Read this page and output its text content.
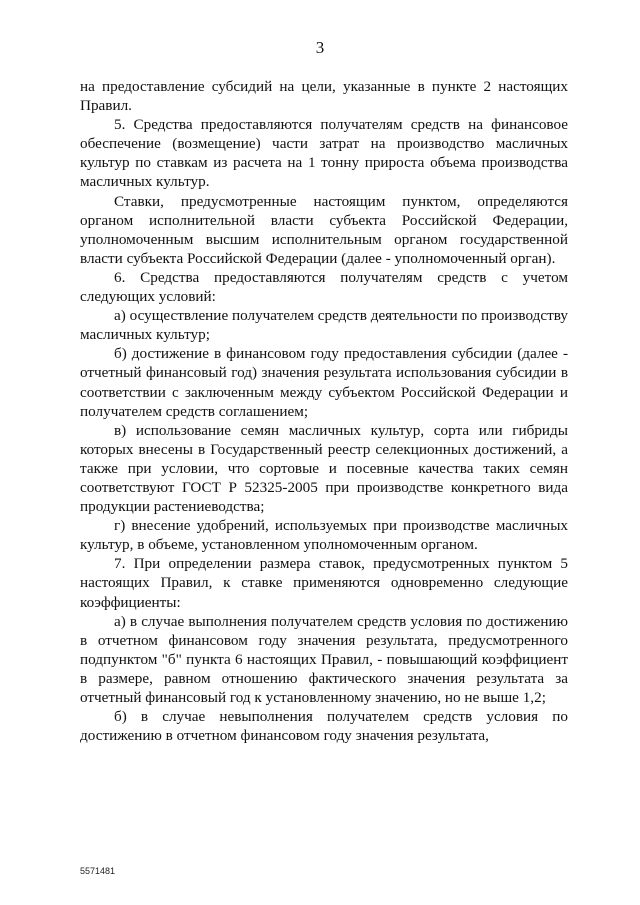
3

на предоставление субсидий на цели, указанные в пункте 2 настоящих Правил.

5. Средства предоставляются получателям средств на финансовое обеспечение (возмещение) части затрат на производство масличных культур по ставкам из расчета на 1 тонну прироста объема производства масличных культур.

Ставки, предусмотренные настоящим пунктом, определяются органом исполнительной власти субъекта Российской Федерации, уполномоченным высшим исполнительным органом государственной власти субъекта Российской Федерации (далее - уполномоченный орган).

6. Средства предоставляются получателям средств с учетом следующих условий:

а) осуществление получателем средств деятельности по производству масличных культур;

б) достижение в финансовом году предоставления субсидии (далее - отчетный финансовый год) значения результата использования субсидии в соответствии с заключенным между субъектом Российской Федерации и получателем средств соглашением;

в) использование семян масличных культур, сорта или гибриды которых внесены в Государственный реестр селекционных достижений, а также при условии, что сортовые и посевные качества таких семян соответствуют ГОСТ Р 52325-2005 при производстве конкретного вида продукции растениеводства;

г) внесение удобрений, используемых при производстве масличных культур, в объеме, установленном уполномоченным органом.

7. При определении размера ставок, предусмотренных пунктом 5 настоящих Правил, к ставке применяются одновременно следующие коэффициенты:

а) в случае выполнения получателем средств условия по достижению в отчетном финансовом году значения результата, предусмотренного подпунктом "б" пункта 6 настоящих Правил, - повышающий коэффициент в размере, равном отношению фактического значения результата за отчетный финансовый год к установленному значению, но не выше 1,2;

б) в случае невыполнения получателем средств условия по достижению в отчетном финансовом году значения результата,

5571481
